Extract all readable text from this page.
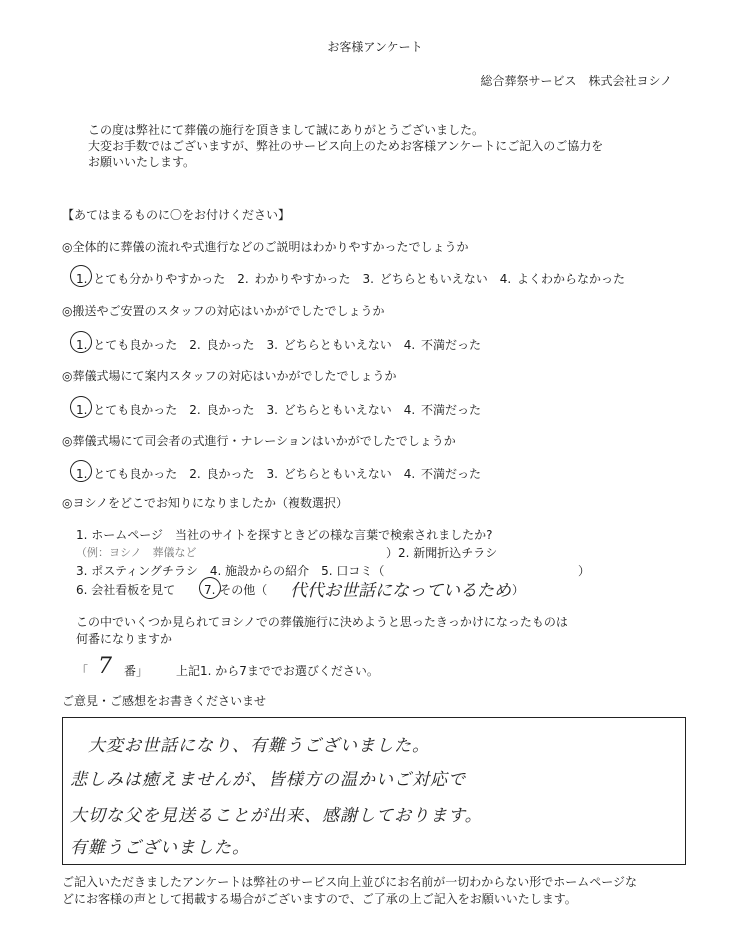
お客様アンケート
総合葬祭サービス　株式会社ヨシノ
この度は弊社にて葬儀の施行を頂きまして誠にありがとうございました。
大変お手数ではございますが、弊社のサービス向上のためお客様アンケートにご記入のご協力を
お願いいたします。
【あてはまるものに〇をお付けください】
◎全体的に葬儀の流れや式進行などのご説明はわかりやすかったでしょうか
1. とても分かりやすかった　2. わかりやすかった　3. どちらともいえない　4. よくわからなかった
◎搬送やご安置のスタッフの対応はいかがでしたでしょうか
1. とても良かった　2. 良かった　3. どちらともいえない　4. 不満だった
◎葬儀式場にて案内スタッフの対応はいかがでしたでしょうか
1. とても良かった　2. 良かった　3. どちらともいえない　4. 不満だった
◎葬儀式場にて司会者の式進行・ナレーションはいかがでしたでしょうか
1. とても良かった　2. 良かった　3. どちらともいえない　4. 不満だった
◎ヨシノをどこでお知りになりましたか（複数選択）
1. ホームページ　当社のサイトを探すときどの様な言葉で検索されましたか?
（例：ヨシノ　葬儀など	）2. 新聞折込チラシ
3. ポスティングチラシ　4. 施設からの紹介　5. 口コミ（	）
6. 会社看板を見て 7. その他（ 代代お世話になっているため ）
この中でいくつか見られてヨシノでの葬儀施行に決めようと思ったきっかけになったものは
何番になりますか
「 7 番」 上記1. から7まででお選びください。
ご意見・ご感想をお書きくださいませ
大変お世話になり、有難うございました。
悲しみは癒えませんが、皆様方の温かいご対応で
大切な父を見送ることが出来、感謝しております。
有難うございました。
ご記入いただきましたアンケートは弊社のサービス向上並びにお名前が一切わからない形でホームページな
どにお客様の声として掲載する場合がございますので、ご了承の上ご記入をお願いいたします。
